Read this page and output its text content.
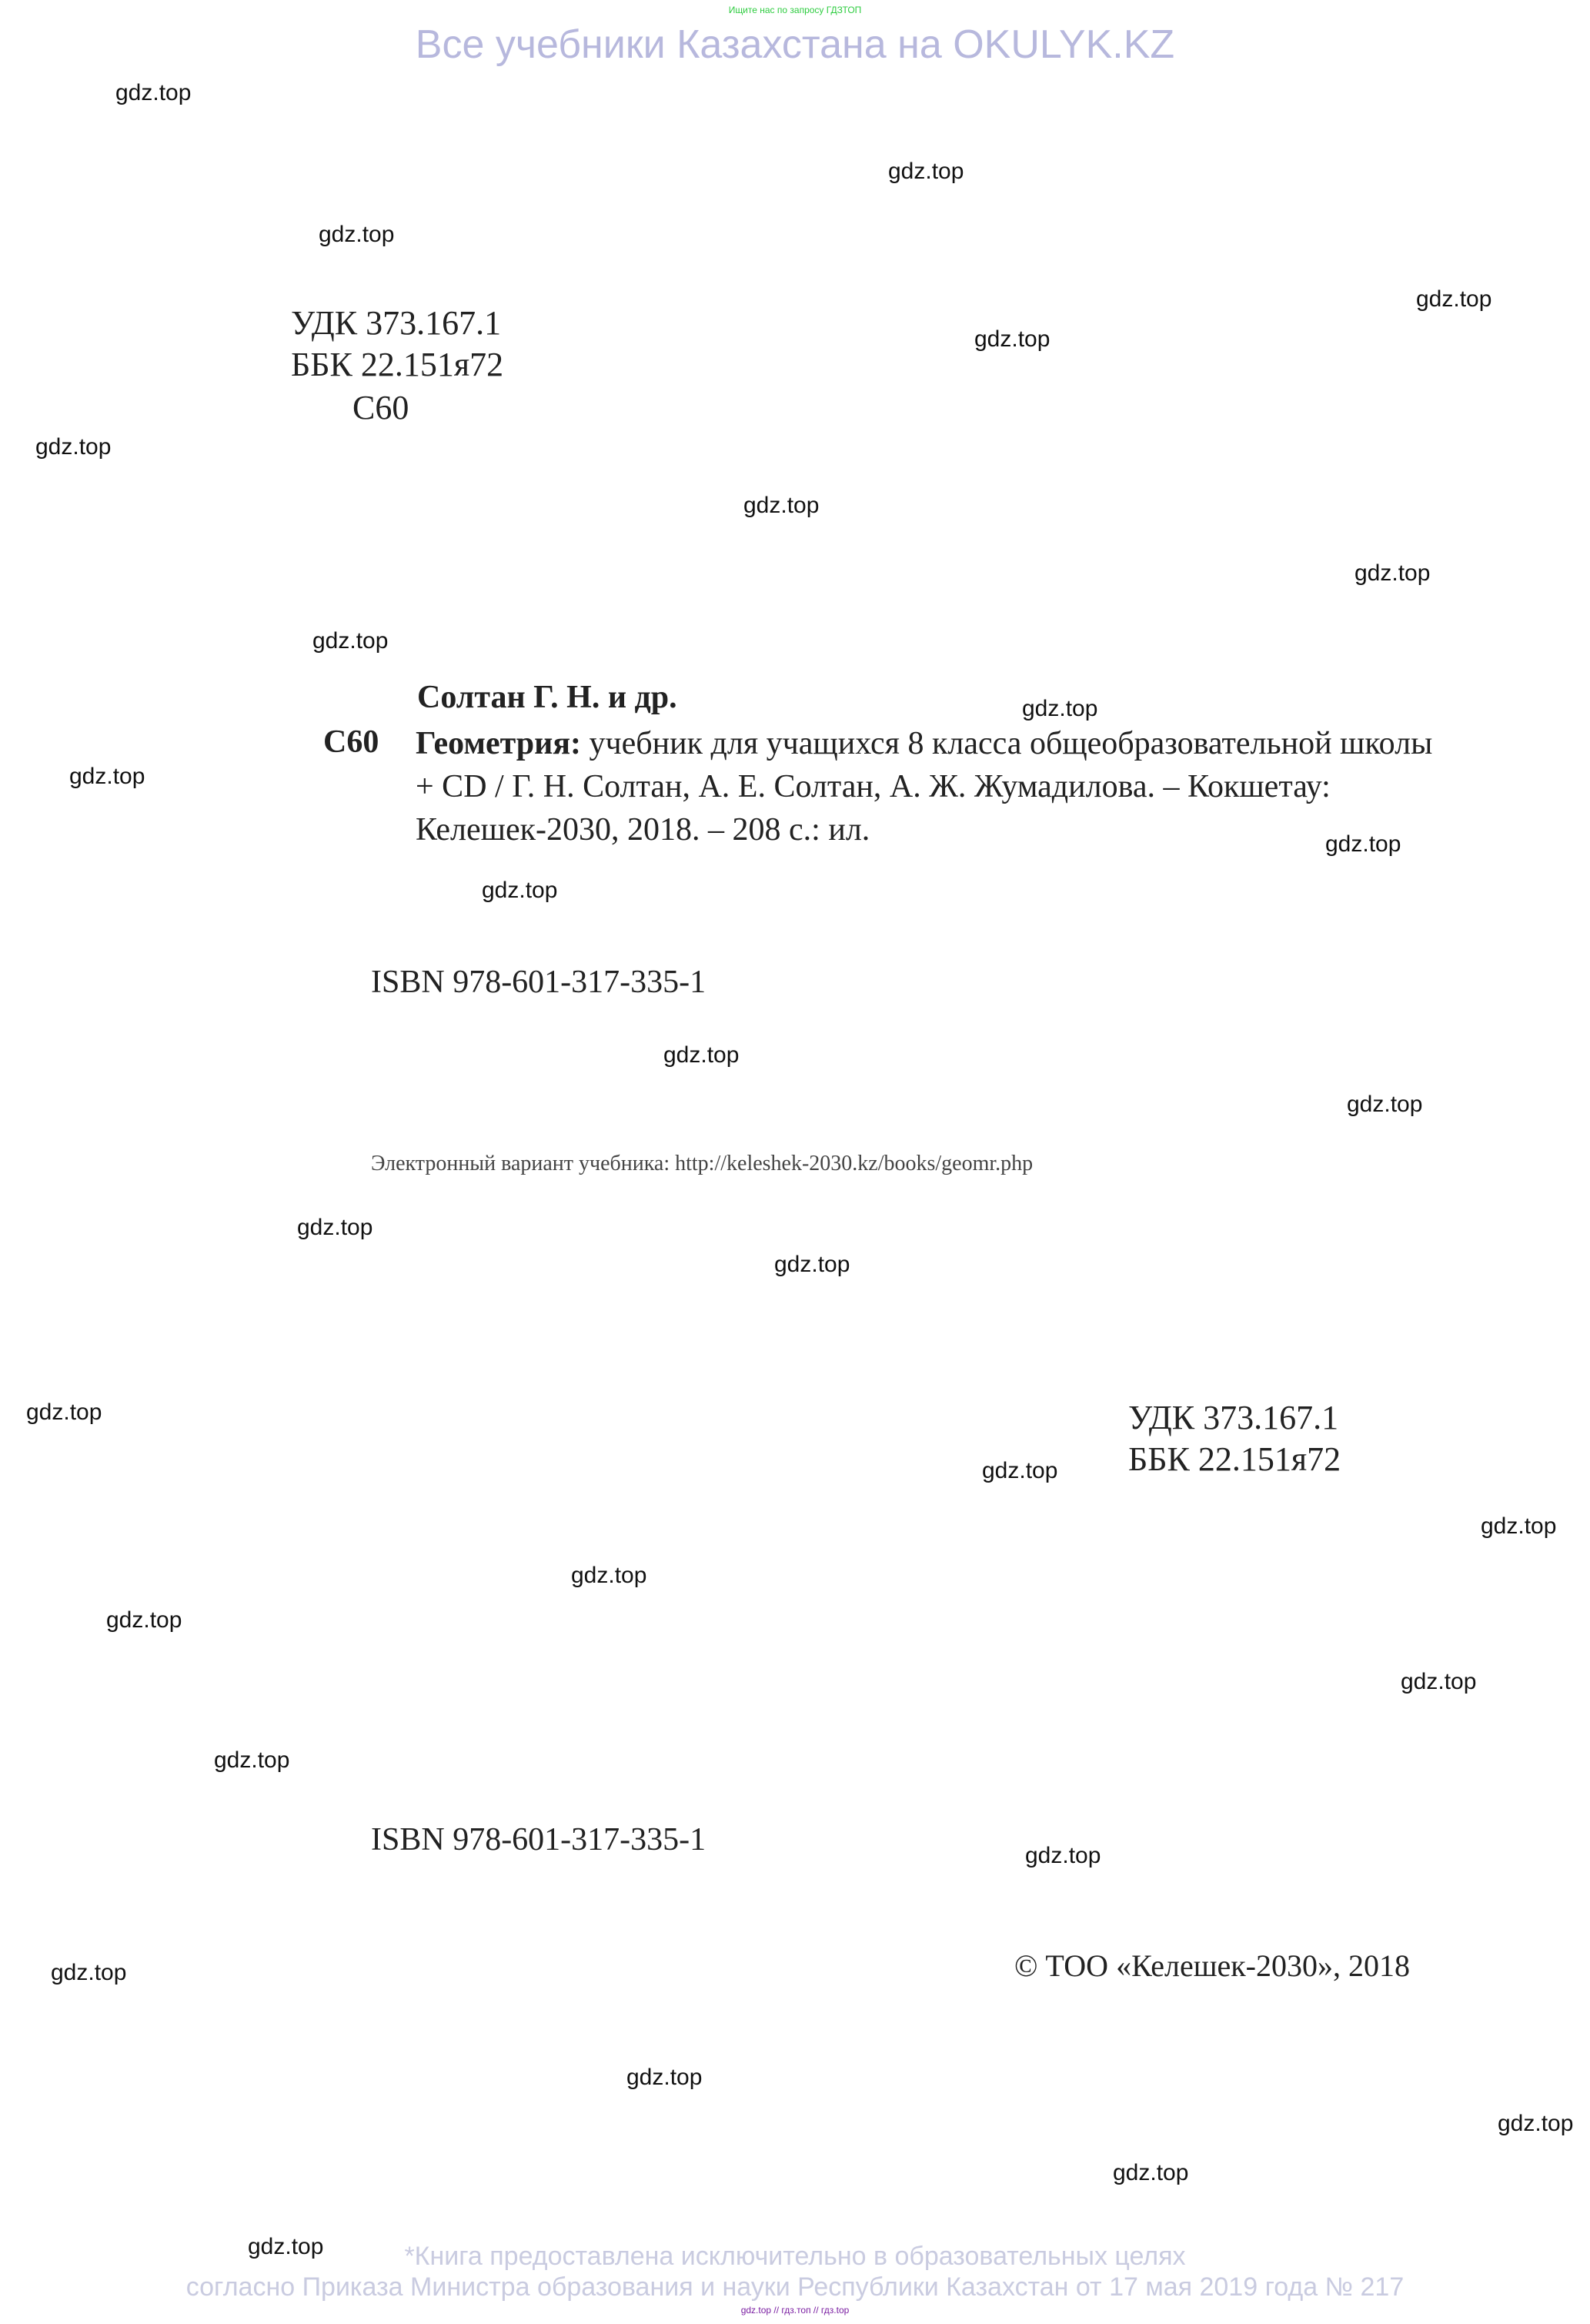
Ищите нас по запросу ГДЗТОП
Все учебники Казахстана на OKULYK.KZ
УДК 373.167.1
ББК 22.151я72
С60
Солтан Г. Н. и др.
С60 Геометрия: учебник для учащихся 8 класса общеобразовательной школы + CD / Г. Н. Солтан, А. Е. Солтан, А. Ж. Жумадилова. – Кокшетау: Келешек-2030, 2018. – 208 с.: ил.
ISBN 978-601-317-335-1
Электронный вариант учебника: http://keleshek-2030.kz/books/geomr.php
УДК 373.167.1
ББК 22.151я72
ISBN 978-601-317-335-1
© ТОО «Келешек-2030», 2018
gdz.top
gdz.top
gdz.top
gdz.top
gdz.top
gdz.top
gdz.top
gdz.top
gdz.top
gdz.top
gdz.top
gdz.top
gdz.top
gdz.top
gdz.top
gdz.top
gdz.top
gdz.top
gdz.top
gdz.top
gdz.top
gdz.top
gdz.top
gdz.top
gdz.top
gdz.top
gdz.top
gdz.top
gdz.top
gdz.top	*Книга предоставлена исключительно в образовательных целях
согласно Приказа Министра образования и науки Республики Казахстан от 17 мая 2019 года № 217
gdz.top // гдз.топ // гдз.top
